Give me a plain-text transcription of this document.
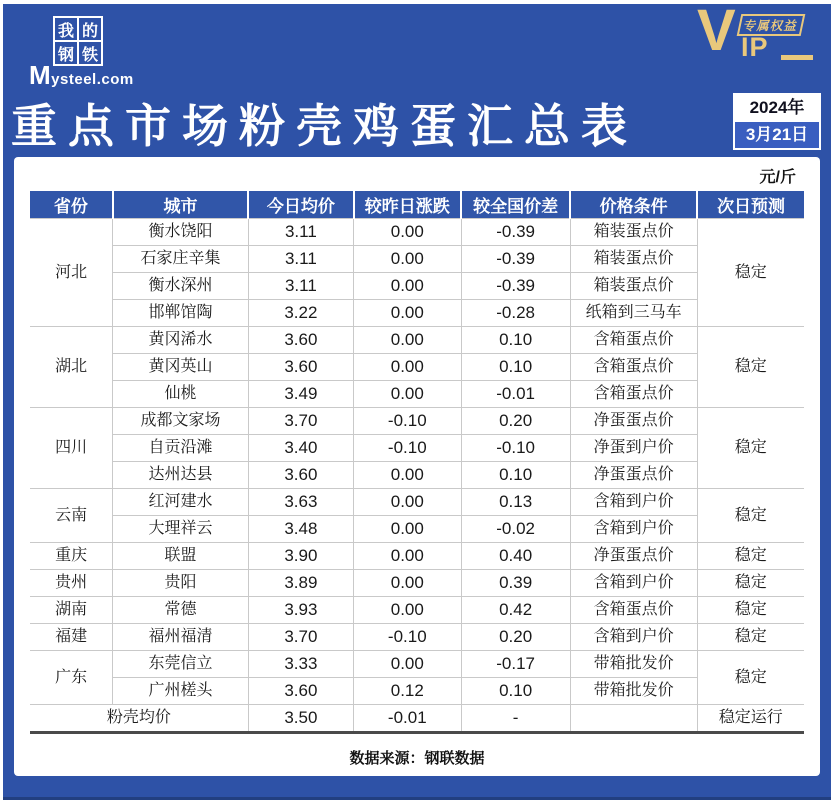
我 的
钢 铁
Mysteel.com
V 专属权益
IP
重点市场粉壳鸡蛋汇总表	2024年
3月21日
元/斤
省份	城市	今日均价	较昨日涨跌	较全国价差	价格条件	次日预测
河北	衡水饶阳	3.11	0.00	-0.39	箱装蛋点价	稳定
	石家庄辛集	3.11	0.00	-0.39	箱装蛋点价	
	衡水深州	3.11	0.00	-0.39	箱装蛋点价	
	邯郸馆陶	3.22	0.00	-0.28	纸箱到三马车	
湖北	黄冈浠水	3.60	0.00	0.10	含箱蛋点价	稳定
	黄冈英山	3.60	0.00	0.10	含箱蛋点价	
	仙桃	3.49	0.00	-0.01	含箱蛋点价	
四川	成都文家场	3.70	-0.10	0.20	净蛋蛋点价	稳定
	自贡沿滩	3.40	-0.10	-0.10	净蛋到户价	
	达州达县	3.60	0.00	0.10	净蛋蛋点价	
云南	红河建水	3.63	0.00	0.13	含箱到户价	稳定
	大理祥云	3.48	0.00	-0.02	含箱到户价	
重庆	联盟	3.90	0.00	0.40	净蛋蛋点价	稳定
贵州	贵阳	3.89	0.00	0.39	含箱到户价	稳定
湖南	常德	3.93	0.00	0.42	含箱蛋点价	稳定
福建	福州福清	3.70	-0.10	0.20	含箱到户价	稳定
广东	东莞信立	3.33	0.00	-0.17	带箱批发价	稳定
	广州槎头	3.60	0.12	0.10	带箱批发价	
粉壳均价		3.50	-0.01	-		稳定运行
数据来源：钢联数据
